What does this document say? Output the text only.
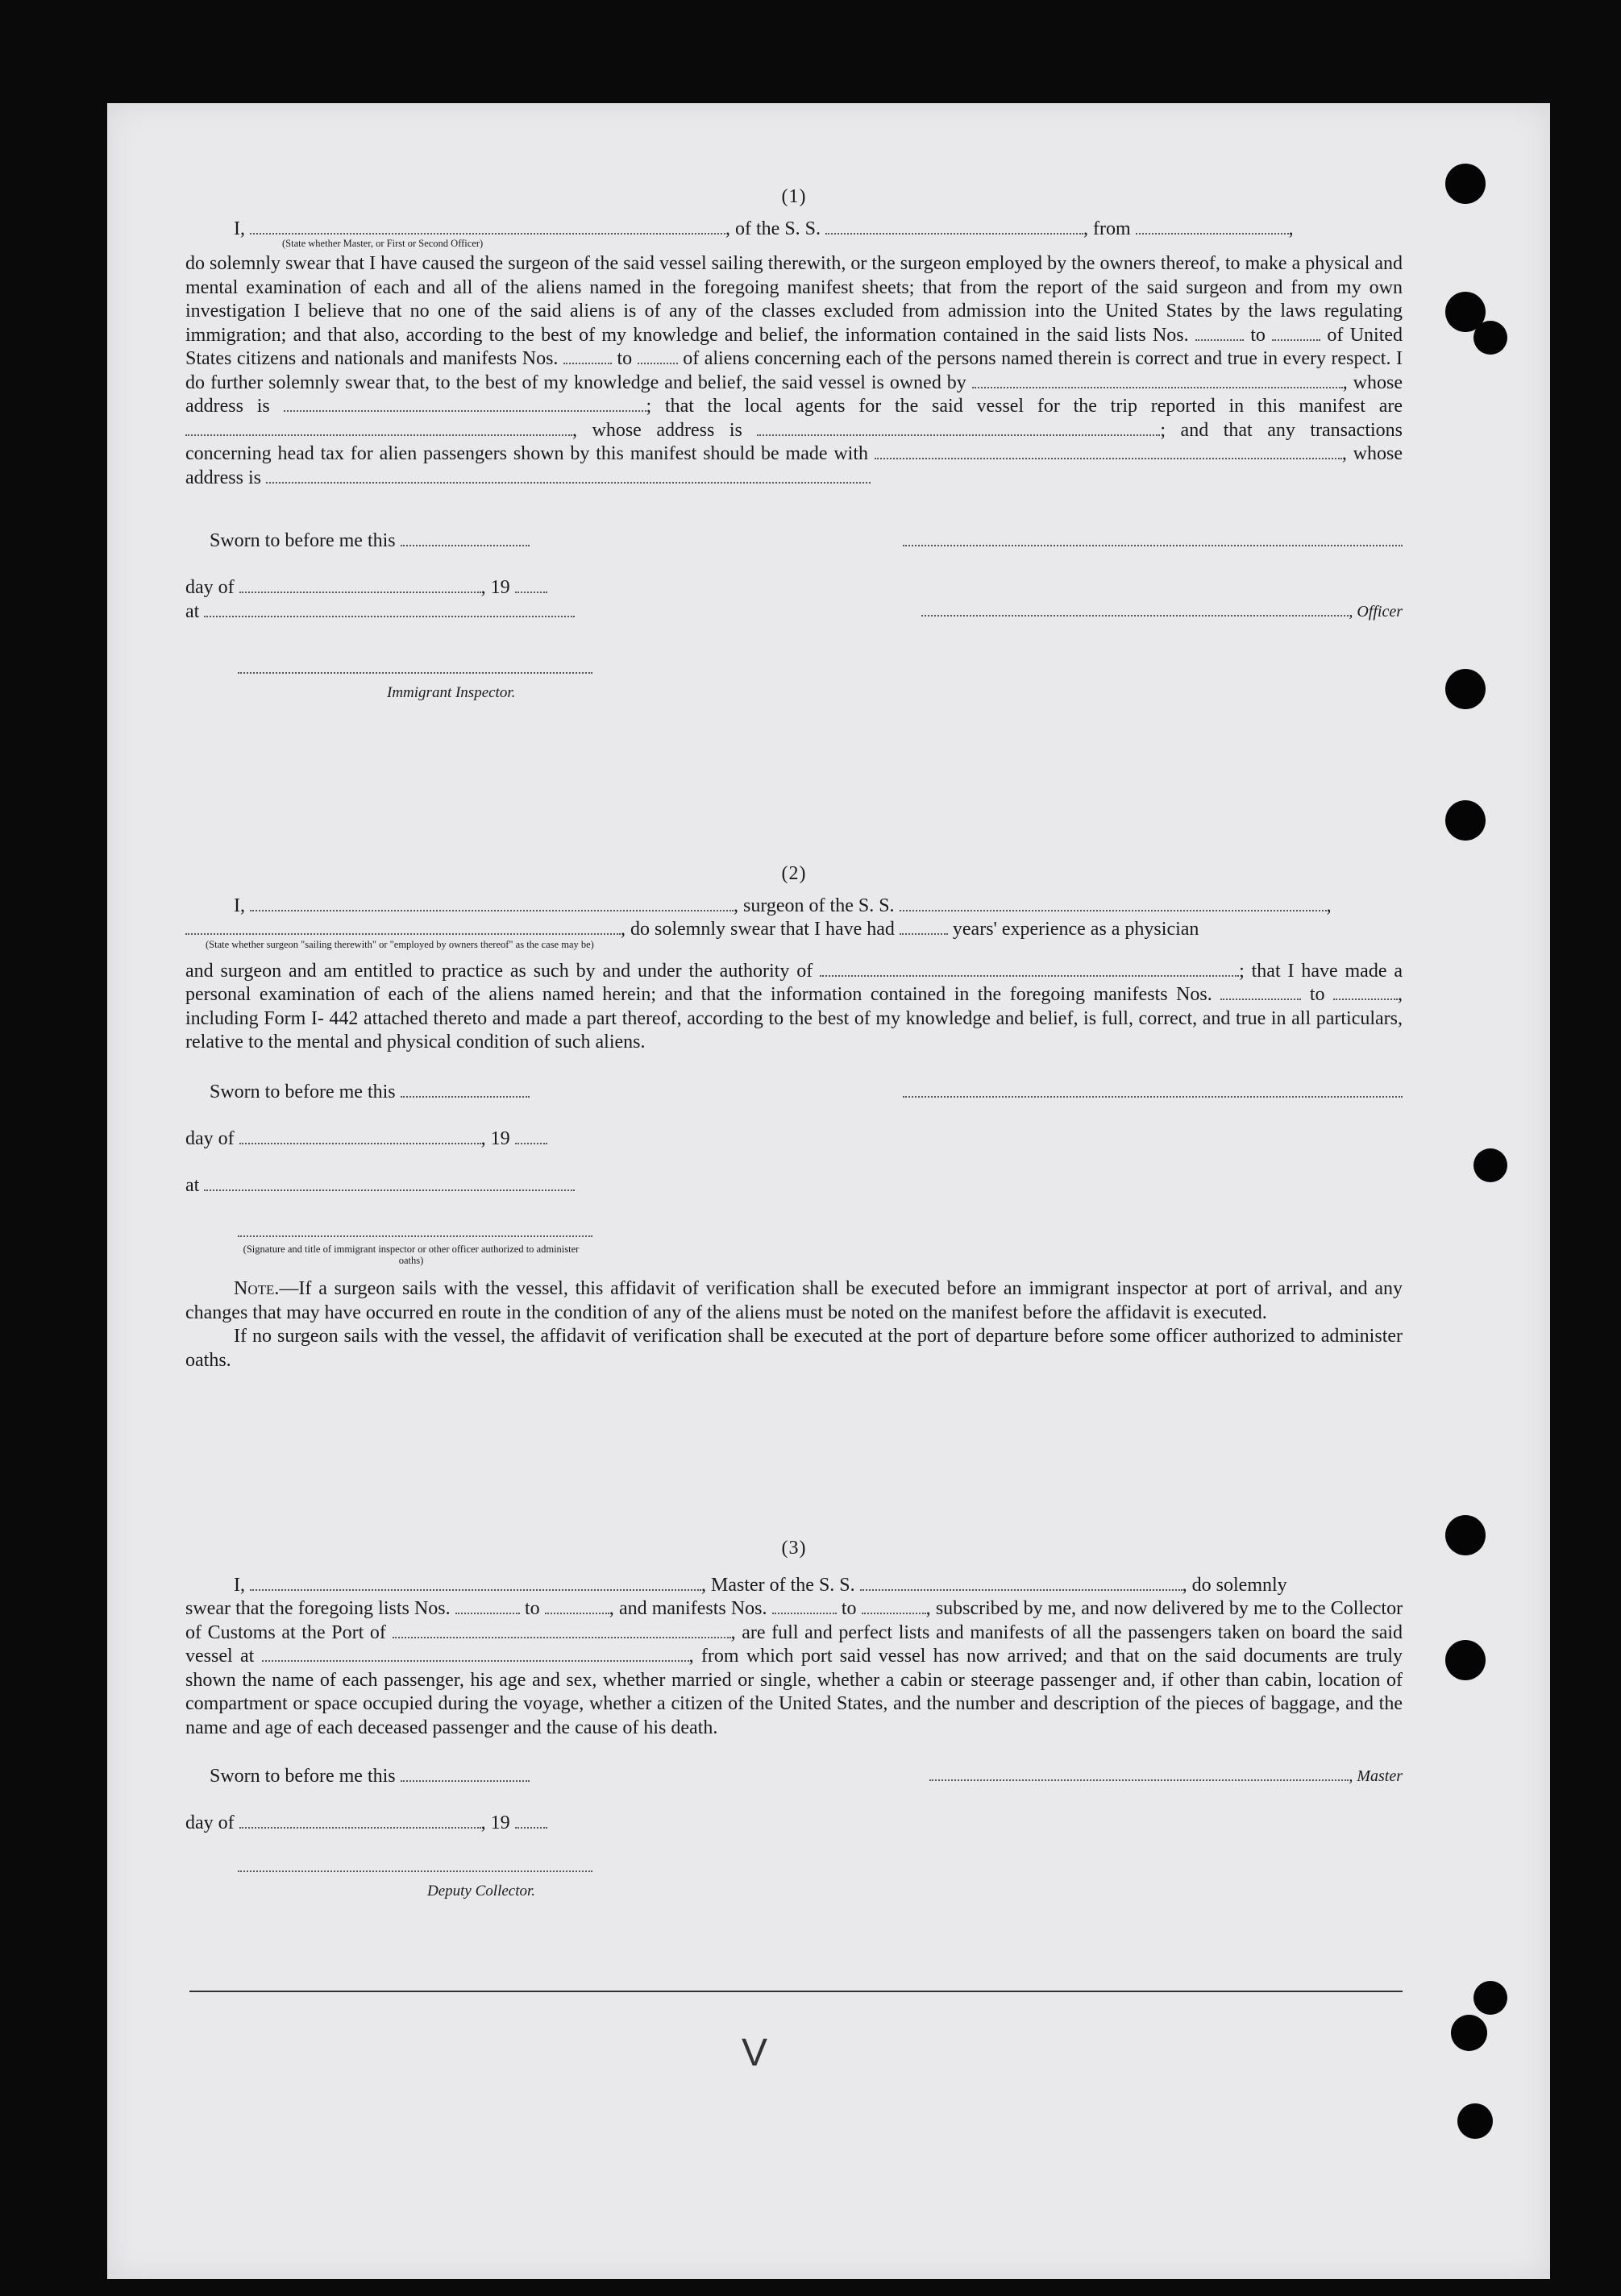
(1)

I,	, of the S. S.	, from	,

(State whether Master, or First or Second Officer)

do solemnly swear that I have caused the surgeon of the said vessel sailing therewith, or the surgeon employed by the owners thereof, to make a physical and mental examination of each and all of the aliens named in the foregoing manifest sheets; that from the report of the said surgeon and from my own investigation I believe that no one of the said aliens is of any of the classes excluded from admission into the United States by the laws regulating immigration; and that also, according to the best of my knowledge and belief, the information contained in the said lists Nos.	to	of United States citizens and nationals and manifests Nos.	to	of aliens concerning each of the persons named therein is correct and true in every respect. I do further solemnly swear that, to the best of my knowledge and belief, the said vessel is owned by	, whose address is	; that the local agents for the said vessel for the trip reported in this manifest are , whose address is	; and that any transactions concerning head tax for alien passengers shown by this manifest should be made with	, whose address is

Sworn to before me this
day of	, 19
at	, Officer
Immigrant Inspector.
(2)

I,	, surgeon of the S. S.	,

, do solemnly swear that I have had	years' experience as a physician

(State whether surgeon "sailing therewith" or "employed by owners thereof" as the case may be)

and surgeon and am entitled to practice as such by and under the authority of	; that I have made a personal examination of each of the aliens named herein; and that the information contained in the foregoing manifests Nos.	to	, including Form I- 442 attached thereto and made a part thereof, according to the best of my knowledge and belief, is full, correct, and true in all particulars, relative to the mental and physical condition of such aliens.

Sworn to before me this
day of	, 19
at
(Signature and title of immigrant inspector or other officer authorized to administer oaths)

Note.—If a surgeon sails with the vessel, this affidavit of verification shall be executed before an immigrant inspector at port of arrival, and any changes that may have occurred en route in the condition of any of the aliens must be noted on the manifest before the affidavit is executed.

If no surgeon sails with the vessel, the affidavit of verification shall be executed at the port of departure before some officer authorized to administer oaths.

(3)

I,	, Master of the S. S.	, do solemnly

swear that the foregoing lists Nos.	to	, and manifests Nos.	to	, subscribed by me, and now delivered by me to the Collector of Customs at the Port of	, are full and perfect lists and manifests of all the passengers taken on board the said vessel at	, from which port said vessel has now arrived; and that on the said documents are truly shown the name of each passenger, his age and sex, whether married or single, whether a cabin or steerage passenger and, if other than cabin, location of compartment or space occupied during the voyage, whether a citizen of the United States, and the number and description of the pieces of baggage, and the name and age of each deceased passenger and the cause of his death.

Sworn to before me this	, Master
day of	, 19
Deputy Collector.
V
